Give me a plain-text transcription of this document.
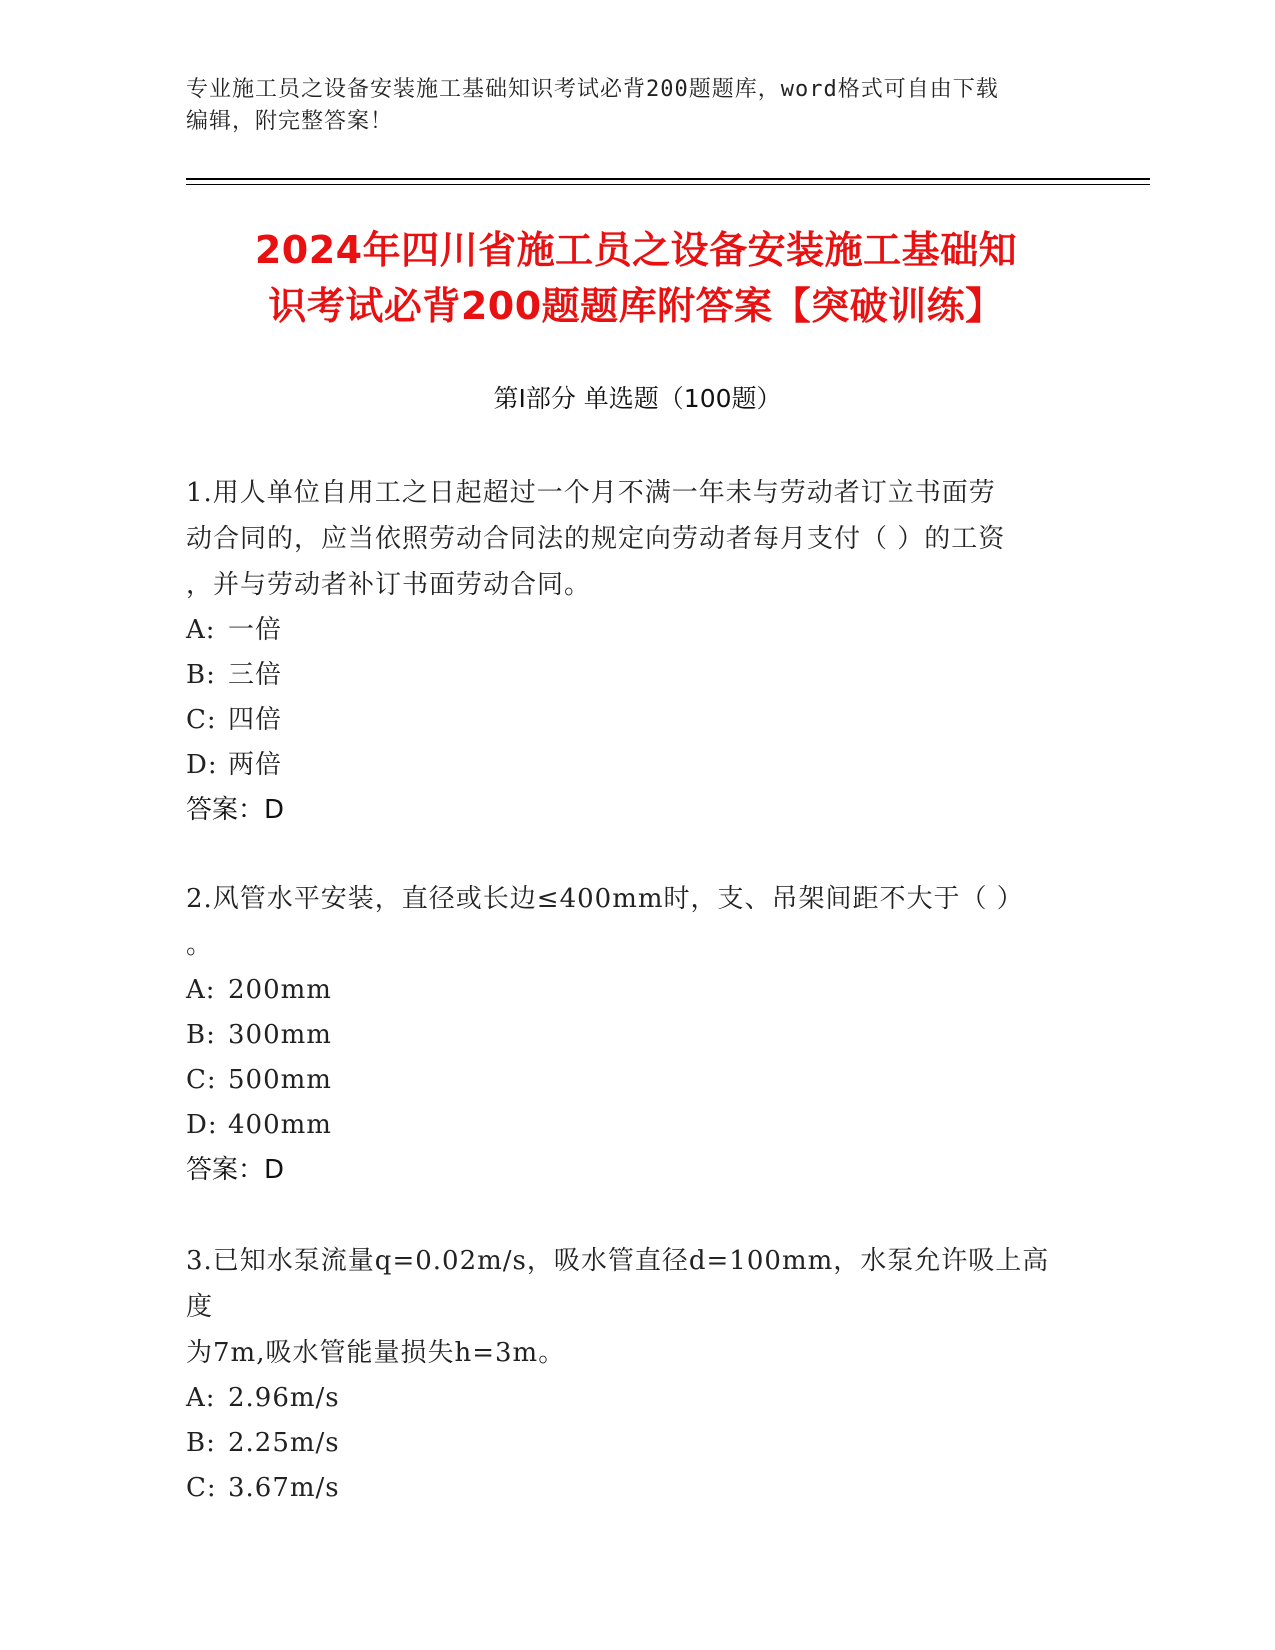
专业施工员之设备安装施工基础知识考试必背200题题库，word格式可自由下载
编辑，附完整答案！
2024年四川省施工员之设备安装施工基础知
识考试必背200题题库附答案【突破训练】
第Ⅰ部分 单选题（100题）

1.用人单位自用工之日起超过一个月不满一年未与劳动者订立书面劳

动合同的，应当依照劳动合同法的规定向劳动者每月支付（ ）的工资

，并与劳动者补订书面劳动合同。

A: 一倍

B: 三倍

C: 四倍

D: 两倍

答案：D

2.风管水平安装，直径或长边≤400mm时，支、吊架间距不大于（ ）

。

A: 200mm

B: 300mm

C: 500mm

D: 400mm

答案：D

3.已知水泵流量q=0.02m/s，吸水管直径d=100mm，水泵允许吸上高度

为7m,吸水管能量损失h=3m。

A: 2.96m/s

B: 2.25m/s

C: 3.67m/s
